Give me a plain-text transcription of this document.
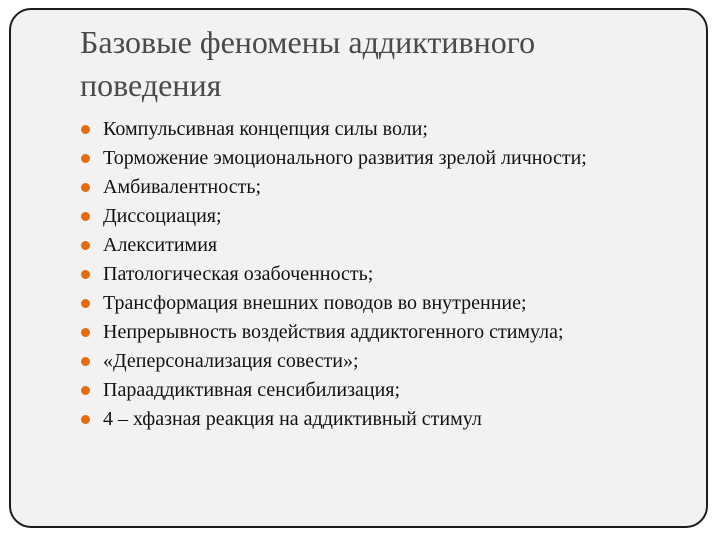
Базовые феномены аддиктивного поведения
Компульсивная концепция силы воли;
Торможение эмоционального развития зрелой личности;
Амбивалентность;
Диссоциация;
Алекситимия
Патологическая озабоченность;
Трансформация внешних поводов во внутренние;
Непрерывность воздействия аддиктогенного стимула;
«Деперсонализация совести»;
Парааддиктивная сенсибилизация;
4 – хфазная реакция на аддиктивный стимул
